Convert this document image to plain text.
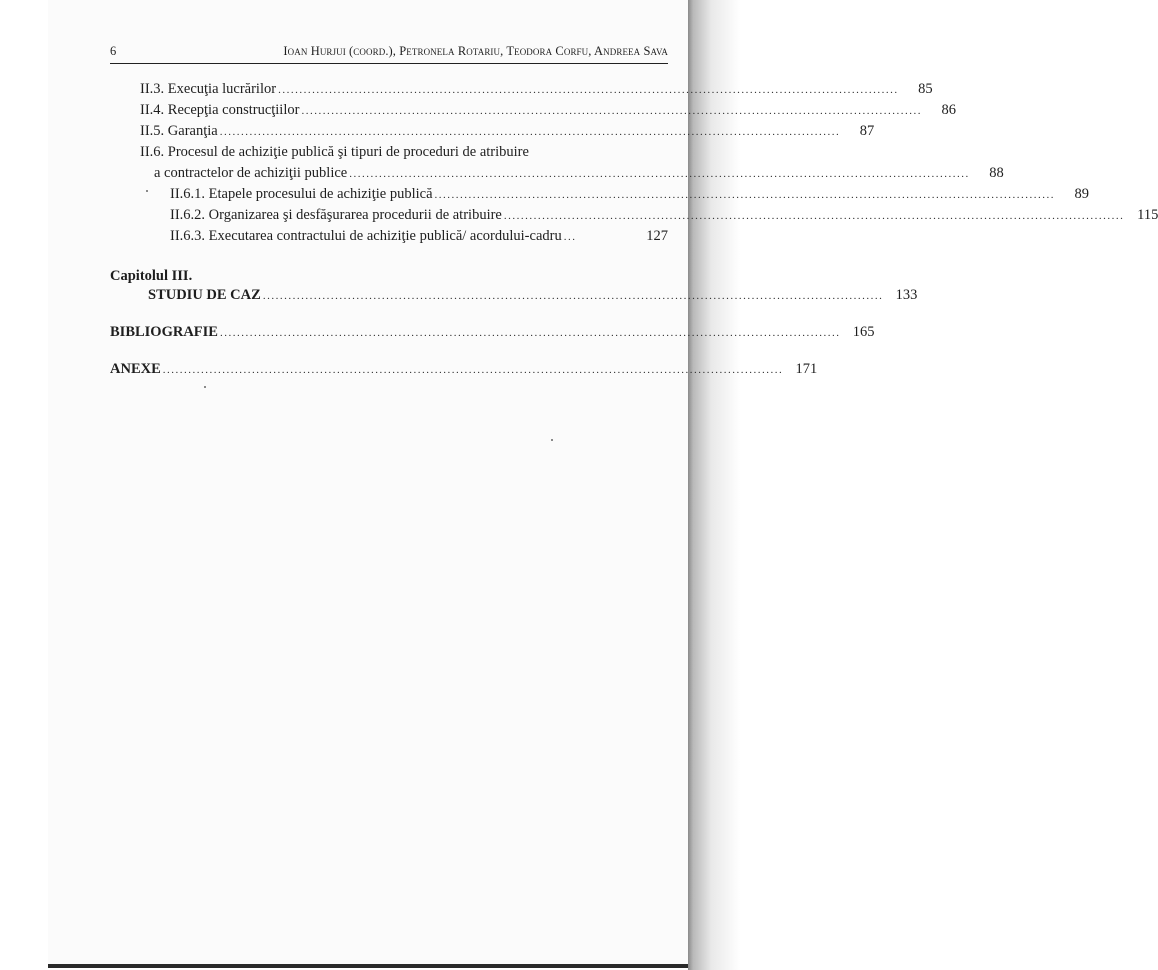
6	Ioan Hurjui (coord.), Petronela Rotariu, Teodora Corfu, Andreea Sava
II.3. Execuţia lucrărilor ..................................................................................................................................................	85
II.4. Recepţia construcţiilor ..................................................................................................................................................	86
II.5. Garanţia ..................................................................................................................................................	87
II.6. Procesul de achiziţie publică şi tipuri de proceduri de atribuire
a contractelor de achiziţii publice ..................................................................................................................................................	88
II.6.1. Etapele procesului de achiziţie publică ..................................................................................................................................................	89
II.6.2. Organizarea şi desfăşurarea procedurii de atribuire .................................................................................................................................................. 115
II.6.3. Executarea contractului de achiziţie publică/ acordului-cadru ...	127
Capitolul III.
STUDIU DE CAZ .................................................................................................................................................. 133
BIBLIOGRAFIE .................................................................................................................................................. 165
ANEXE .................................................................................................................................................. 171
